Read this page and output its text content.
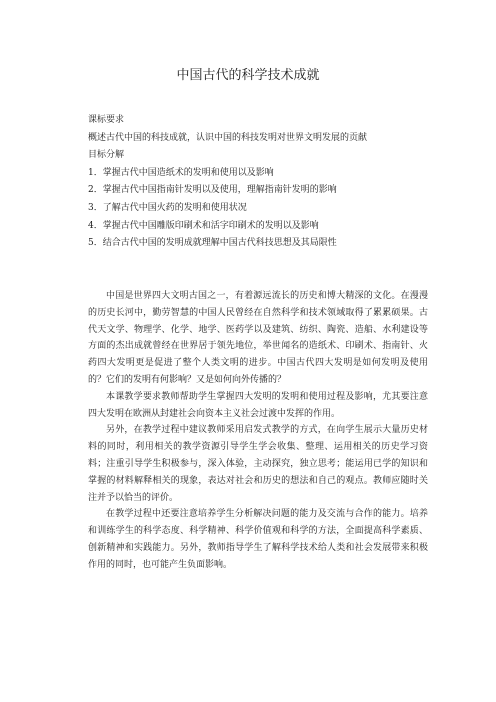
中国古代的科学技术成就
课标要求
概述古代中国的科技成就，认识中国的科技发明对世界文明发展的贡献
目标分解
1．掌握古代中国造纸术的发明和使用以及影响
2．掌握古代中国指南针发明以及使用，理解指南针发明的影响
3．了解古代中国火药的发明和使用状况
4．掌握古代中国雕版印刷术和活字印刷术的发明以及影响
5．结合古代中国的发明成就理解中国古代科技思想及其局限性

中国是世界四大文明古国之一，有着源远流长的历史和博大精深的文化。在漫漫的历史长河中，勤劳智慧的中国人民曾经在自然科学和技术领域取得了累累硕果。古代天文学、物理学、化学、地学、医药学以及建筑、纺织、陶瓷、造船、水利建设等方面的杰出成就曾经在世界居于领先地位，举世闻名的造纸术、印刷术、指南针、火药四大发明更是促进了整个人类文明的进步。中国古代四大发明是如何发明及使用的？它们的发明有何影响？又是如何向外传播的？

本课教学要求教师帮助学生掌握四大发明的发明和使用过程及影响，尤其要注意四大发明在欧洲从封建社会向资本主义社会过渡中发挥的作用。

另外，在教学过程中建议教师采用启发式教学的方式，在向学生展示大量历史材料的同时，利用相关的教学资源引导学生学会收集、整理、运用相关的历史学习资料；注重引导学生积极参与，深入体验，主动探究，独立思考；能运用已学的知识和掌握的材料解释相关的现象，表达对社会和历史的想法和自己的观点。教师应随时关注并予以恰当的评价。

在教学过程中还要注意培养学生分析解决问题的能力及交流与合作的能力。培养和训练学生的科学态度、科学精神、科学价值观和科学的方法，全面提高科学素质、创新精神和实践能力。另外，教师指导学生了解科学技术给人类和社会发展带来积极作用的同时，也可能产生负面影响。
